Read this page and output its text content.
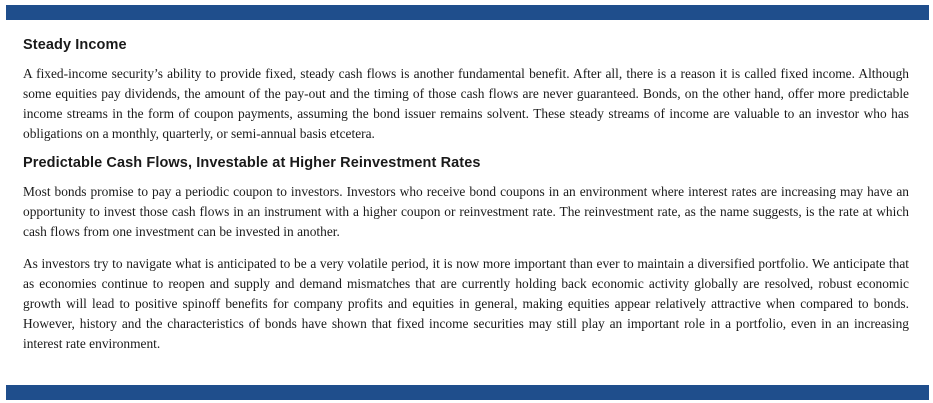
Steady Income

A fixed-income security’s ability to provide fixed, steady cash flows is another fundamental benefit. After all, there is a reason it is called fixed income. Although some equities pay dividends, the amount of the pay-out and the timing of those cash flows are never guaranteed. Bonds, on the other hand, offer more predictable income streams in the form of coupon payments, assuming the bond issuer remains solvent. These steady streams of income are valuable to an investor who has obligations on a monthly, quarterly, or semi-annual basis etcetera.

Predictable Cash Flows, Investable at Higher Reinvestment Rates

Most bonds promise to pay a periodic coupon to investors. Investors who receive bond coupons in an environment where interest rates are increasing may have an opportunity to invest those cash flows in an instrument with a higher coupon or reinvestment rate. The reinvestment rate, as the name suggests, is the rate at which cash flows from one investment can be invested in another.

As investors try to navigate what is anticipated to be a very volatile period, it is now more important than ever to maintain a diversified portfolio. We anticipate that as economies continue to reopen and supply and demand mismatches that are currently holding back economic activity globally are resolved, robust economic growth will lead to positive spinoff benefits for company profits and equities in general, making equities appear relatively attractive when compared to bonds. However, history and the characteristics of bonds have shown that fixed income securities may still play an important role in a portfolio, even in an increasing interest rate environment.
